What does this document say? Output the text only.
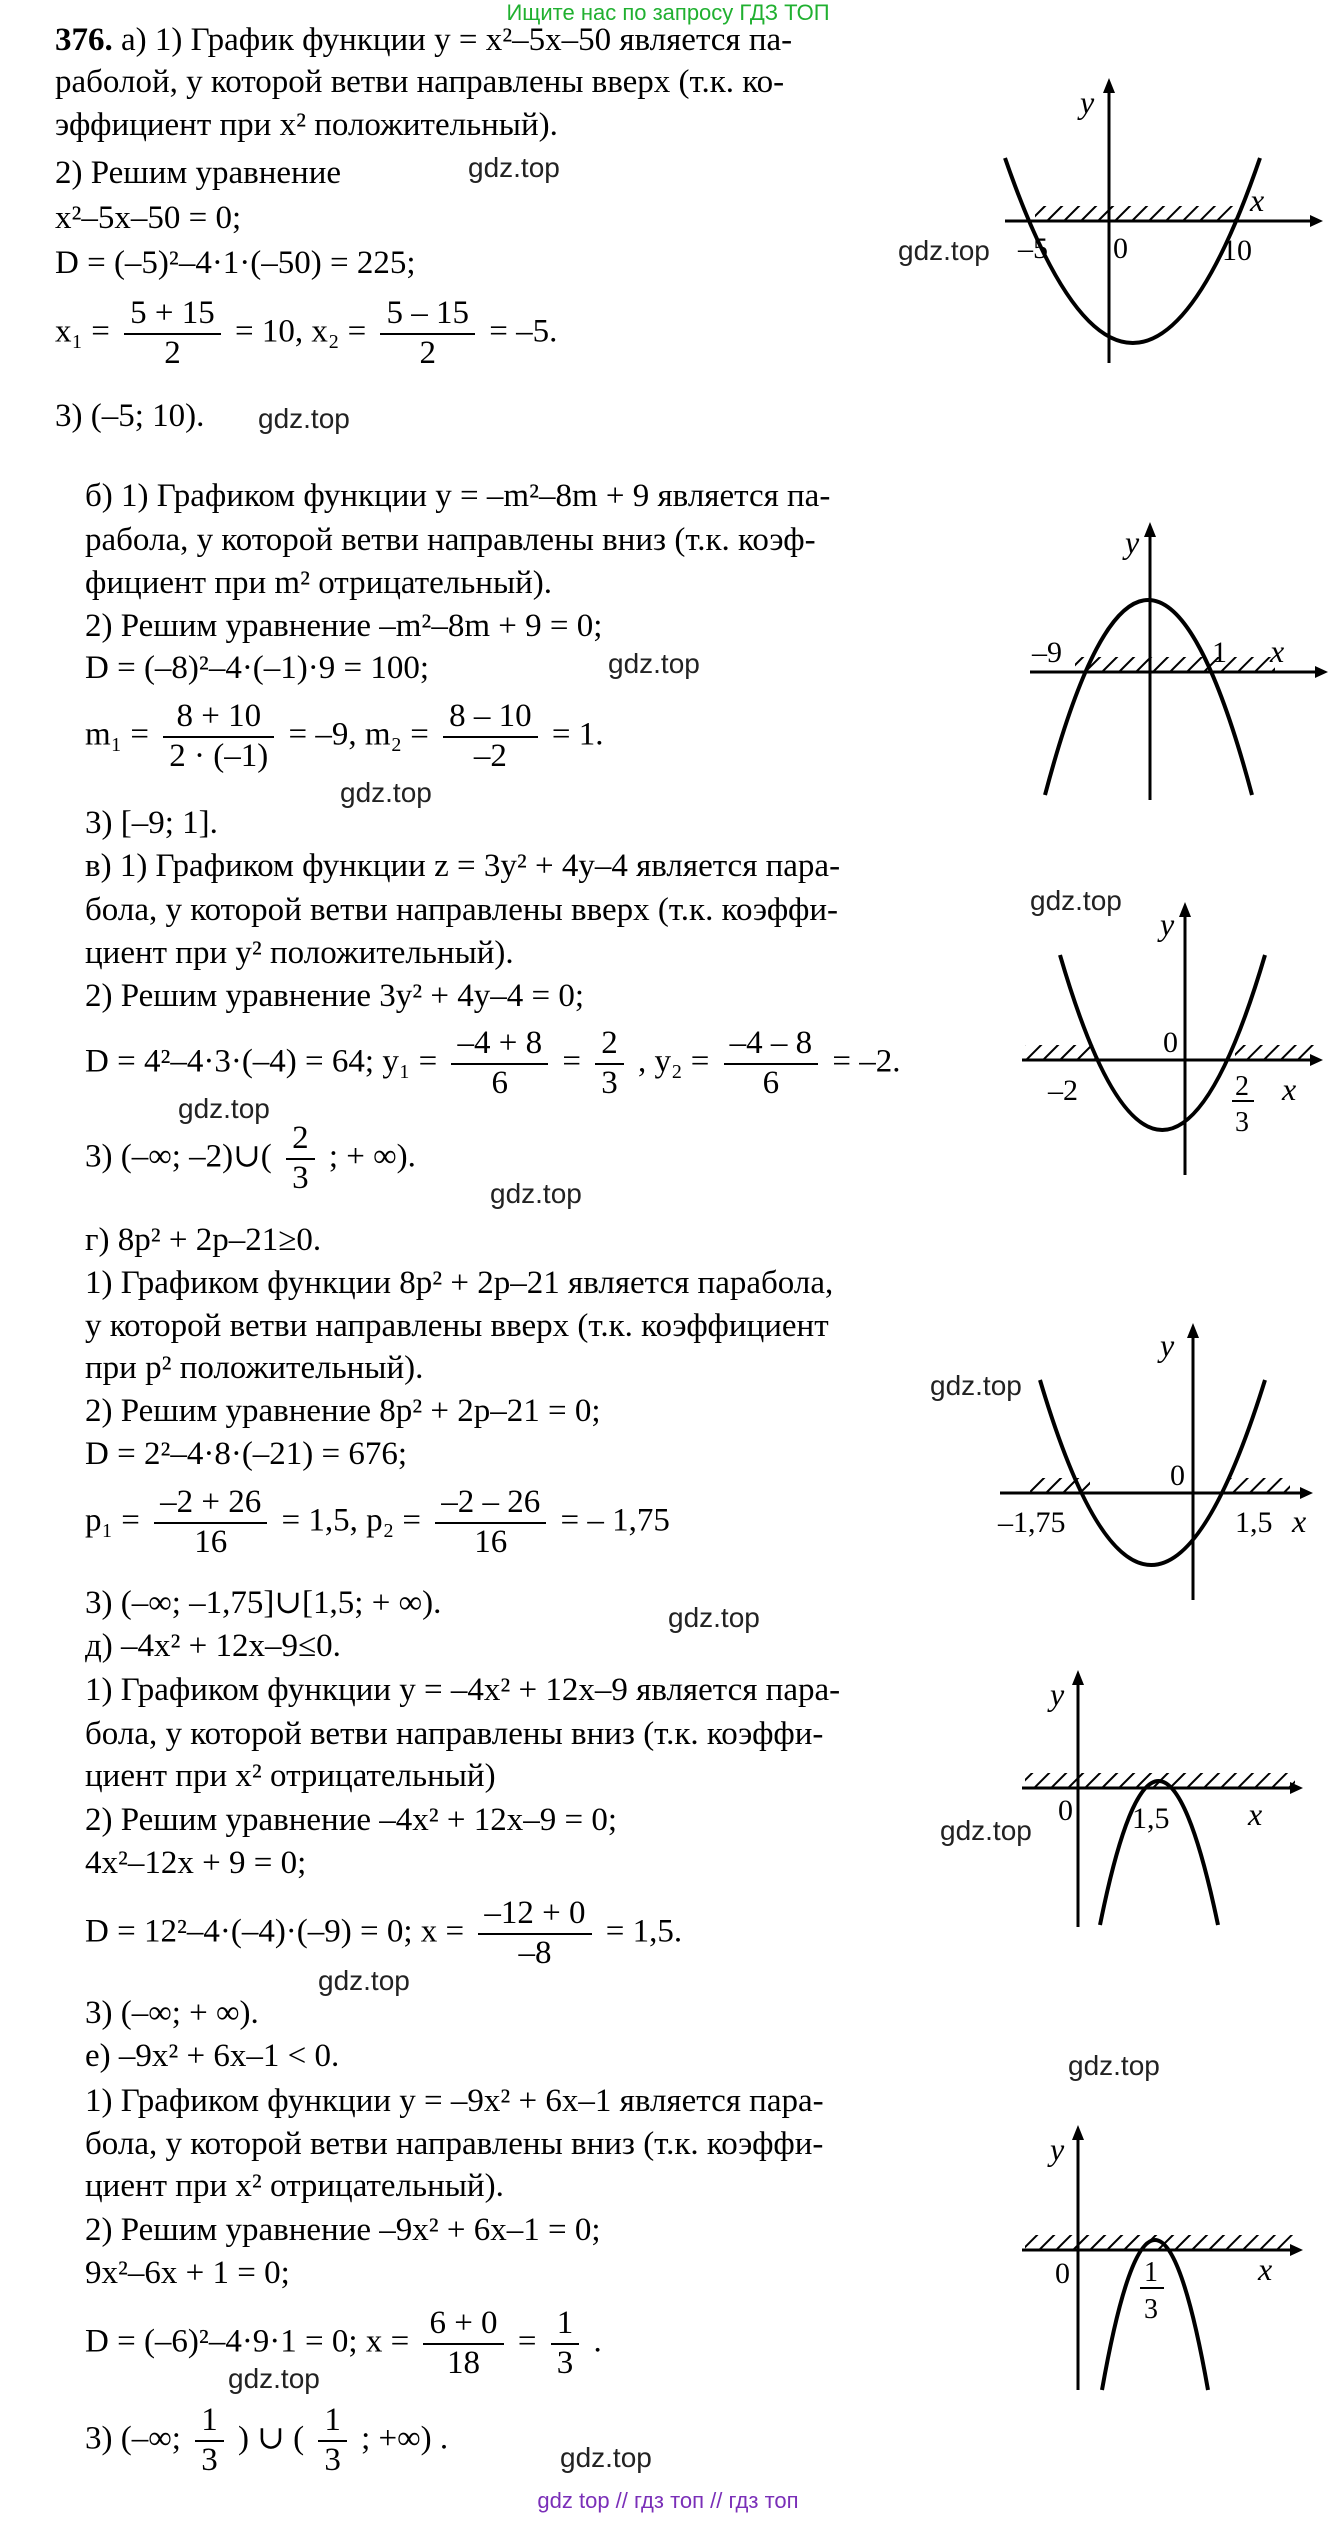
Ищите нас по запросу ГДЗ ТОП
gdz top // гдз топ // гдз топ
376. а) 1) График функции y = x²–5x–50 является па-
раболой, у которой ветви направлены вверх (т.к. ко-
эффициент при x² положительный).
2) Решим уравнение
x²–5x–50 = 0;
D = (–5)²–4·1·(–50) = 225;
$x_1 = \frac{5 + 15}{2} = 10$, $x_2 = \frac{5 - 15}{2} = -5$.
3) (–5; 10).
gdz.top
gdz.top
gdz.top
y
x
0
–5	10
б) 1) Графиком функции y = –m²–8m + 9 является па-
рабола, у которой ветви направлены вниз (т.к. коэф-
фициент при m² отрицательный).
2) Решим уравнение –m²–8m + 9 = 0;
D = (–8)²–4·(–1)·9 = 100;
$m_1 = \frac{8 + 10}{2 \cdot (-1)} = -9$, $m_2 = \frac{8 - 10}{-2} = 1$.
3) [–9; 1].
gdz.top
gdz.top
y
x
–9	1
в) 1) Графиком функции z = 3y² + 4y–4 является пара-
бола, у которой ветви направлены вверх (т.к. коэффи-
циент при y² положительный).
2) Решим уравнение 3y² + 4y–4 = 0;
D = 4²–4·3·(–4) = 64; $y_1 = \frac{-4 + 8}{6} = \frac{2}{3}$ , $y_2 = \frac{-4 - 8}{6} = -2$.
3) (–∞; –2)∪( $\frac{2}{3}$ ; + ∞).
gdz.top
gdz.top
gdz.top
y
x
0
–2	2
3
г) 8p² + 2p–21≥0.
1) Графиком функции 8p² + 2p–21 является парабола,
у которой ветви направлены вверх (т.к. коэффициент
при p² положительный).
2) Решим уравнение 8p² + 2p–21 = 0;
D = 2²–4·8·(–21) = 676;
$p_1 = \frac{-2 + 26}{16} = 1,5$, $p_2 = \frac{-2 - 26}{16}$ = – 1,75
3) (–∞; –1,75]∪[1,5; + ∞).
gdz.top
gdz.top
y
x
0
–1,75	1,5
д) –4x² + 12x–9≤0.
1) Графиком функции y = –4x² + 12x–9 является пара-
бола, у которой ветви направлены вниз (т.к. коэффи-
циент при x² отрицательный)
2) Решим уравнение –4x² + 12x–9 = 0;
4x²–12x + 9 = 0;
D = 12²–4·(–4)·(–9) = 0; $x = \frac{-12 + 0}{-8} = 1,5$.
3) (–∞; + ∞).
gdz.top
gdz.top
gdz.top
y
x
0 1,5
е) –9x² + 6x–1 < 0.
1) Графиком функции y = –9x² + 6x–1 является пара-
бола, у которой ветви направлены вниз (т.к. коэффи-
циент при x² отрицательный).
2) Решим уравнение –9x² + 6x–1 = 0;
9x²–6x + 1 = 0;
D = (–6)²–4·9·1 = 0; $x = \frac{6 + 0}{18} = \frac{1}{3}$ .
3) (–∞; $\frac{1}{3}$ ) ∪ ( $\frac{1}{3}$ ; +∞) .
gdz.top
gdz.top
y
x
0	1
3
